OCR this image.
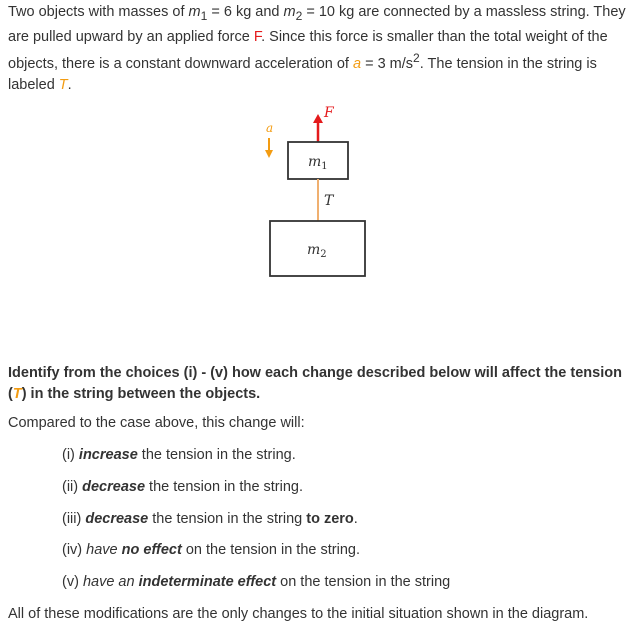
Two objects with masses of $m_1 = 6$ kg and $m_2 = 10$ kg are connected by a massless string. They are pulled upward by an applied force F. Since this force is smaller than the total weight of the objects, there is a constant downward acceleration of a = 3 $m/s^2$. The tension in the string is labeled T.

F
a
$m_1$
T
$m_2$

Identify from the choices (i) - (v) how each change described below will affect the tension (T) in the string between the objects.

Compared to the case above, this change will:

(i) increase the tension in the string.

(ii) decrease the tension in the string.

(iii) decrease the tension in the string to zero.

(iv) have no effect on the tension in the string.

(v) have an indeterminate effect on the tension in the string

All of these modifications are the only changes to the initial situation shown in the diagram.
